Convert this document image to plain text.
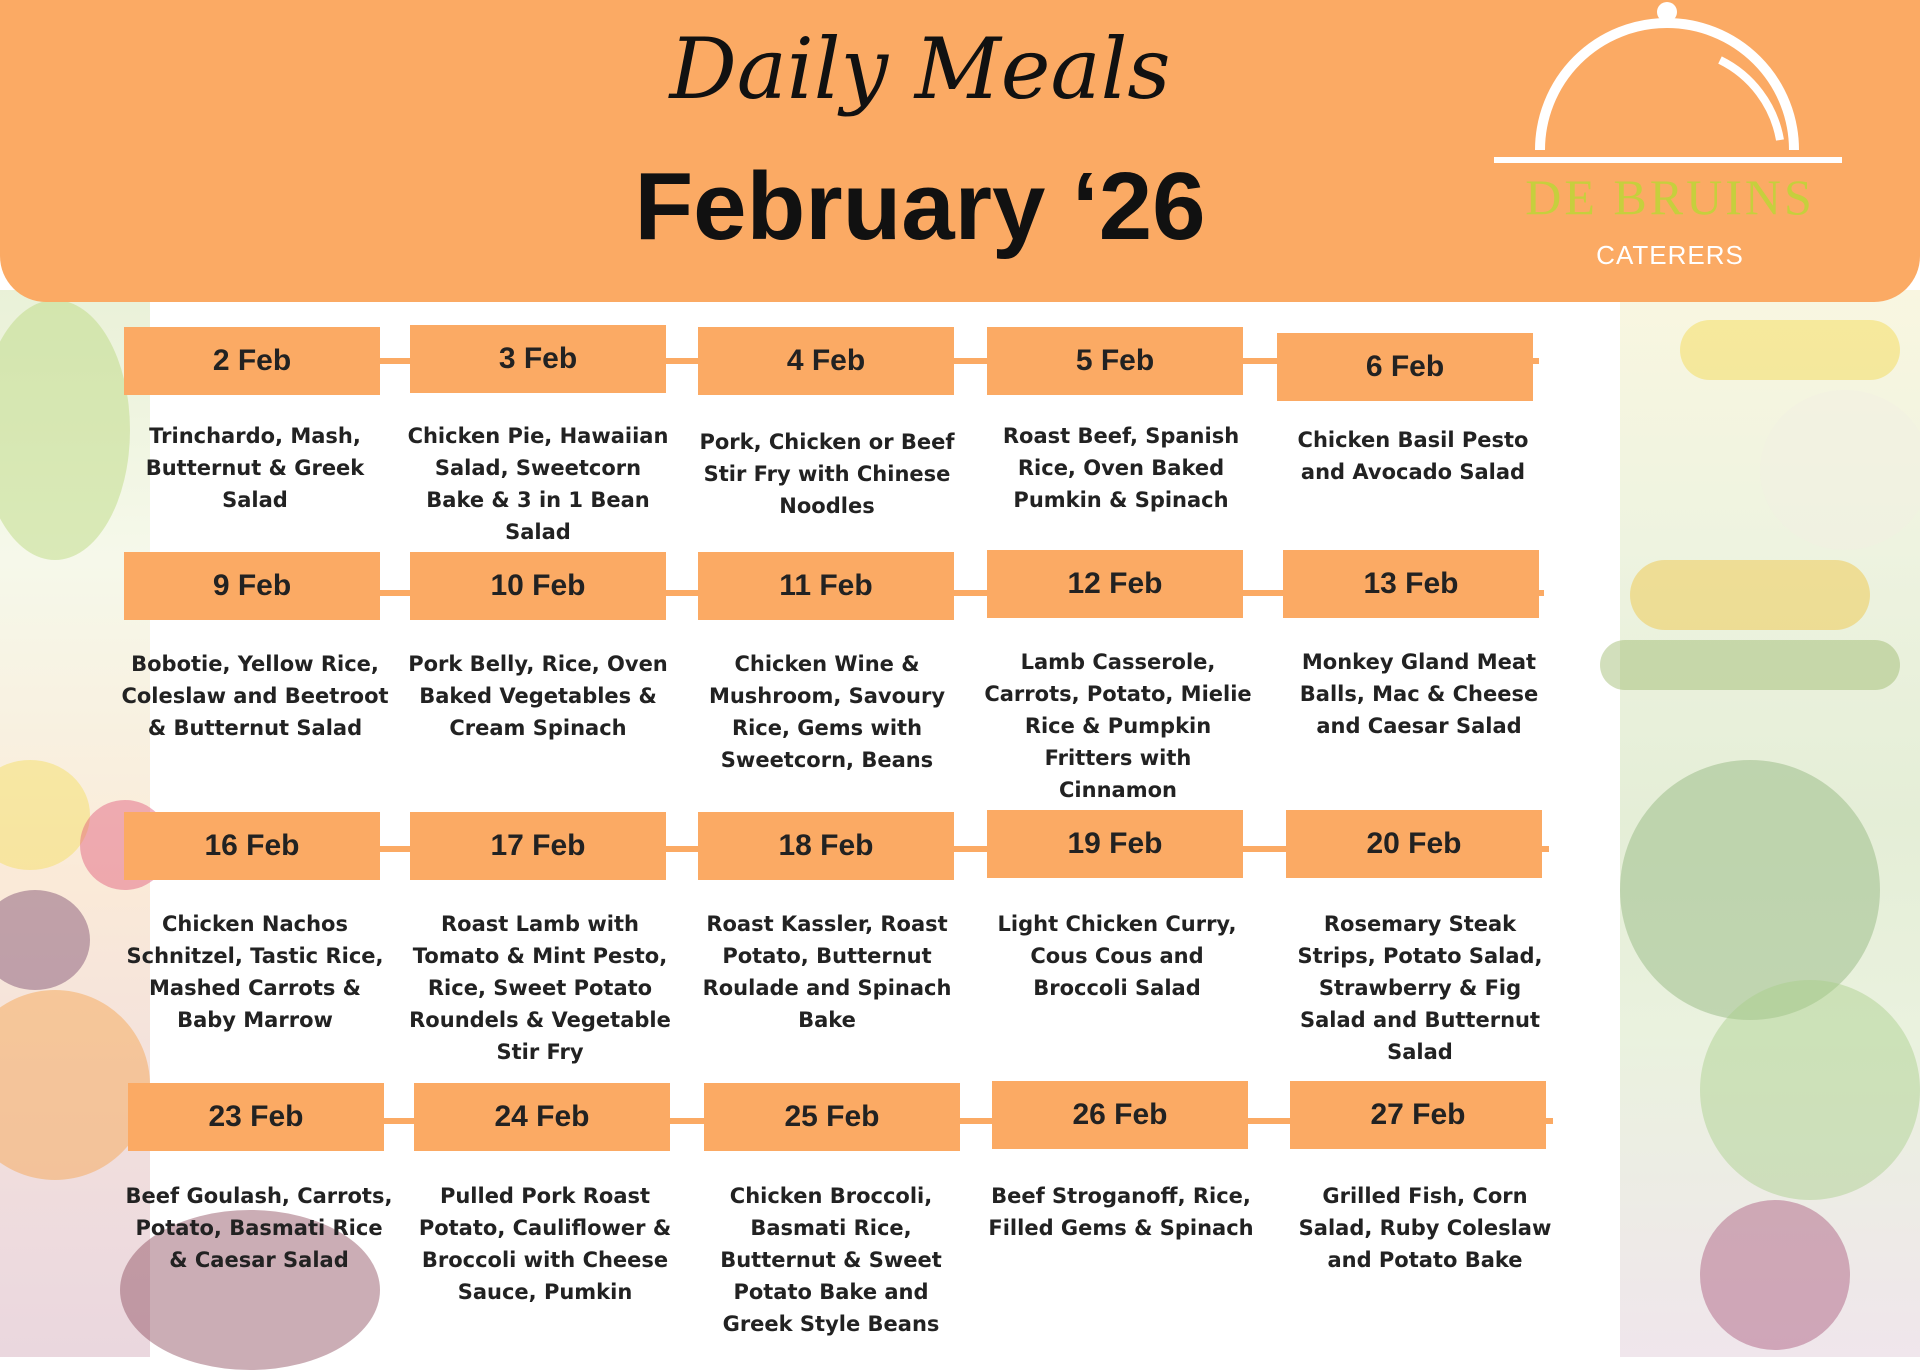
Daily Meals
February ‘26	DE BRUINS
CATERERS
2 Feb
Trinchardo, Mash, Butternut & Greek Salad
3 Feb
Chicken Pie, Hawaiian Salad, Sweetcorn Bake & 3 in 1 Bean Salad
4 Feb
Pork, Chicken or Beef Stir Fry with Chinese Noodles
5 Feb
Roast Beef, Spanish Rice, Oven Baked Pumkin & Spinach
6 Feb
Chicken Basil Pesto and Avocado Salad
9 Feb
Bobotie, Yellow Rice, Coleslaw and Beetroot & Butternut Salad
10 Feb
Pork Belly, Rice, Oven Baked Vegetables & Cream Spinach
11 Feb
Chicken Wine & Mushroom, Savoury Rice, Gems with Sweetcorn, Beans
12 Feb
Lamb Casserole, Carrots, Potato, Mielie Rice & Pumpkin Fritters with Cinnamon
13 Feb
Monkey Gland Meat Balls, Mac & Cheese and Caesar Salad
16 Feb
Chicken Nachos Schnitzel, Tastic Rice, Mashed Carrots & Baby Marrow
17 Feb
Roast Lamb with Tomato & Mint Pesto, Rice, Sweet Potato Roundels & Vegetable Stir Fry
18 Feb
Roast Kassler, Roast Potato, Butternut Roulade and Spinach Bake
19 Feb
Light Chicken Curry, Cous Cous and Broccoli Salad
20 Feb
Rosemary Steak Strips, Potato Salad, Strawberry & Fig Salad and Butternut Salad
23 Feb
Beef Goulash, Carrots, Potato, Basmati Rice & Caesar Salad
24 Feb
Pulled Pork Roast Potato, Cauliflower & Broccoli with Cheese Sauce, Pumkin
25 Feb
Chicken Broccoli, Basmati Rice, Butternut & Sweet Potato Bake and Greek Style Beans
26 Feb
Beef Stroganoff, Rice, Filled Gems & Spinach
27 Feb
Grilled Fish, Corn Salad, Ruby Coleslaw and Potato Bake
